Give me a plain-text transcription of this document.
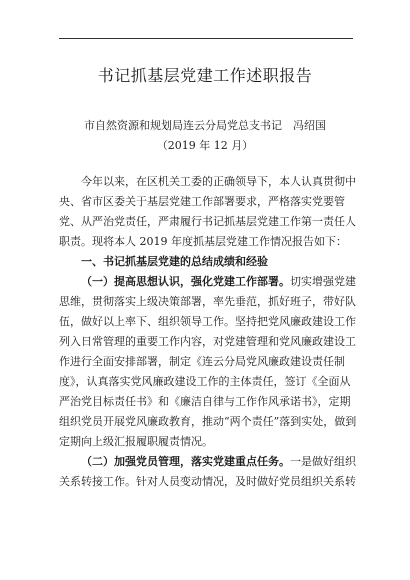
书记抓基层党建工作述职报告
市自然资源和规划局连云分局党总支书记　冯绍国
（2019 年 12 月）

今年以来，在区机关工委的正确领导下，本人认真贯彻中央、省市区委关于基层党建工作部署要求，严格落实党要管党、从严治党责任，严肃履行书记抓基层党建工作第一责任人职责。现将本人 2019 年度抓基层党建工作情况报告如下：

一、书记抓基层党建的总结成绩和经验

（一）提高思想认识，强化党建工作部署。切实增强党建思维，贯彻落实上级决策部署，率先垂范，抓好班子，带好队伍，做好以上率下、组织领导工作。坚持把党风廉政建设工作列入日常管理的重要工作内容，对党建管理和党风廉政建设工作进行全面安排部署，制定《连云分局党风廉政建设责任制度》，认真落实党风廉政建设工作的主体责任，签订《全面从严治党目标责任书》和《廉洁自律与工作作风承诺书》，定期组织党员开展党风廉政教育，推动“两个责任”落到实处，做到定期向上级汇报履职履责情况。

（二）加强党员管理，落实党建重点任务。一是做好组织关系转接工作。针对人员变动情况，及时做好党员组织关系转
